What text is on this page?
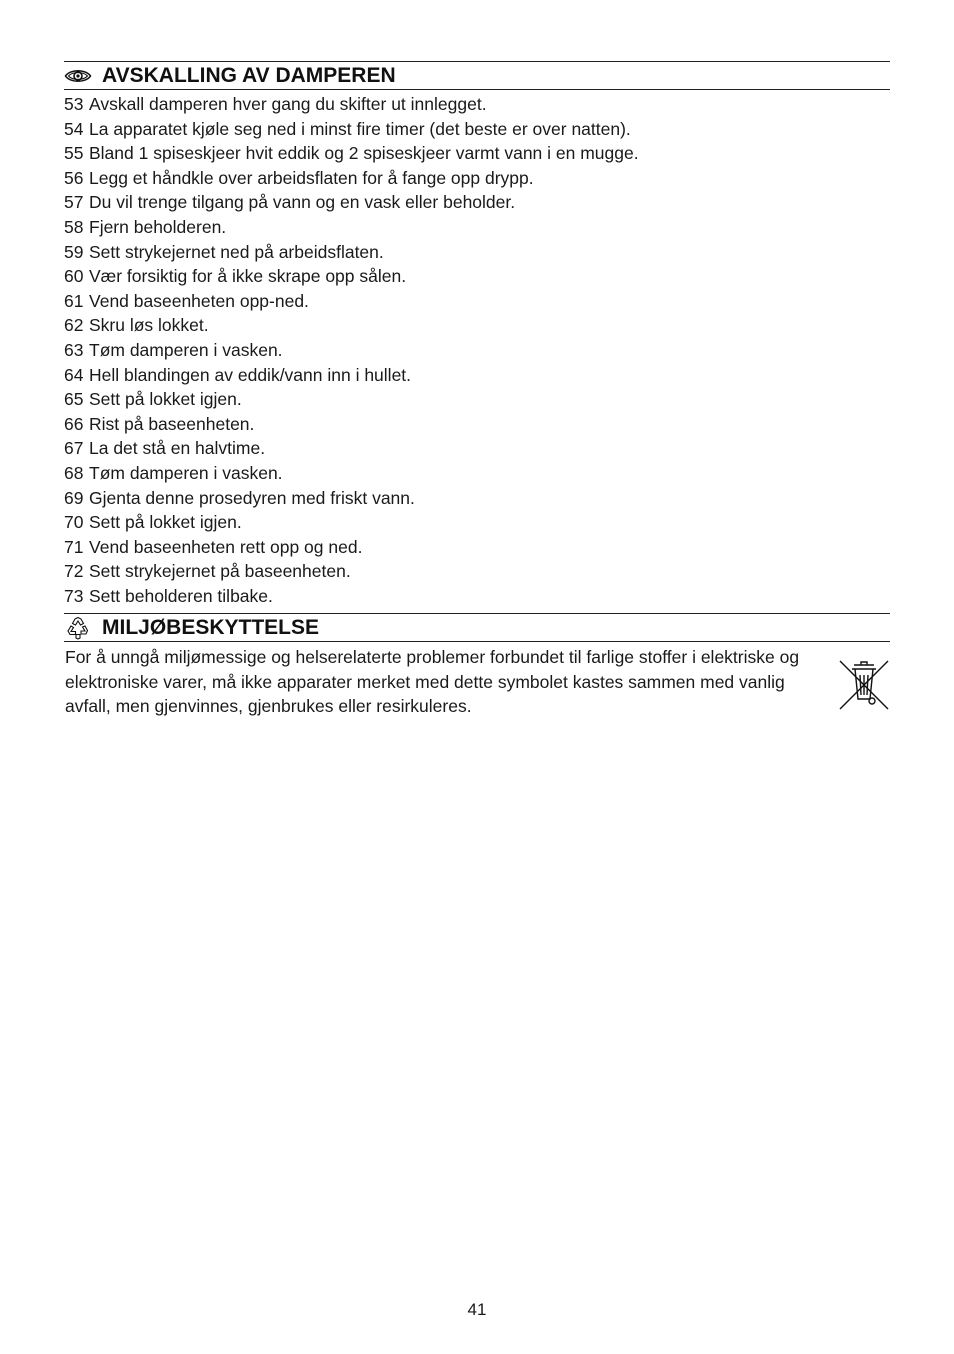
AVSKALLING AV DAMPEREN
53 Avskall damperen hver gang du skifter ut innlegget.
54 La apparatet kjøle seg ned i minst fire timer (det beste er over natten).
55 Bland 1 spiseskjeer hvit eddik og 2 spiseskjeer varmt vann i en mugge.
56 Legg et håndkle over arbeidsflaten for å fange opp drypp.
57 Du vil trenge tilgang på vann og en vask eller beholder.
58 Fjern beholderen.
59 Sett strykejernet ned på arbeidsflaten.
60 Vær forsiktig for å ikke skrape opp sålen.
61 Vend baseenheten opp-ned.
62 Skru løs lokket.
63 Tøm damperen i vasken.
64 Hell blandingen av eddik/vann inn i hullet.
65 Sett på lokket igjen.
66 Rist på baseenheten.
67 La det stå en halvtime.
68 Tøm damperen i vasken.
69 Gjenta denne prosedyren med friskt vann.
70 Sett på lokket igjen.
71 Vend baseenheten rett opp og ned.
72 Sett strykejernet på baseenheten.
73 Sett beholderen tilbake.
MILJØBESKYTTELSE
For å unngå miljømessige og helserelaterte problemer forbundet til farlige stoffer i elektriske og elektroniske varer, må ikke apparater merket med dette symbolet kastes sammen med vanlig avfall, men gjenvinnes, gjenbrukes eller resirkuleres.
41
